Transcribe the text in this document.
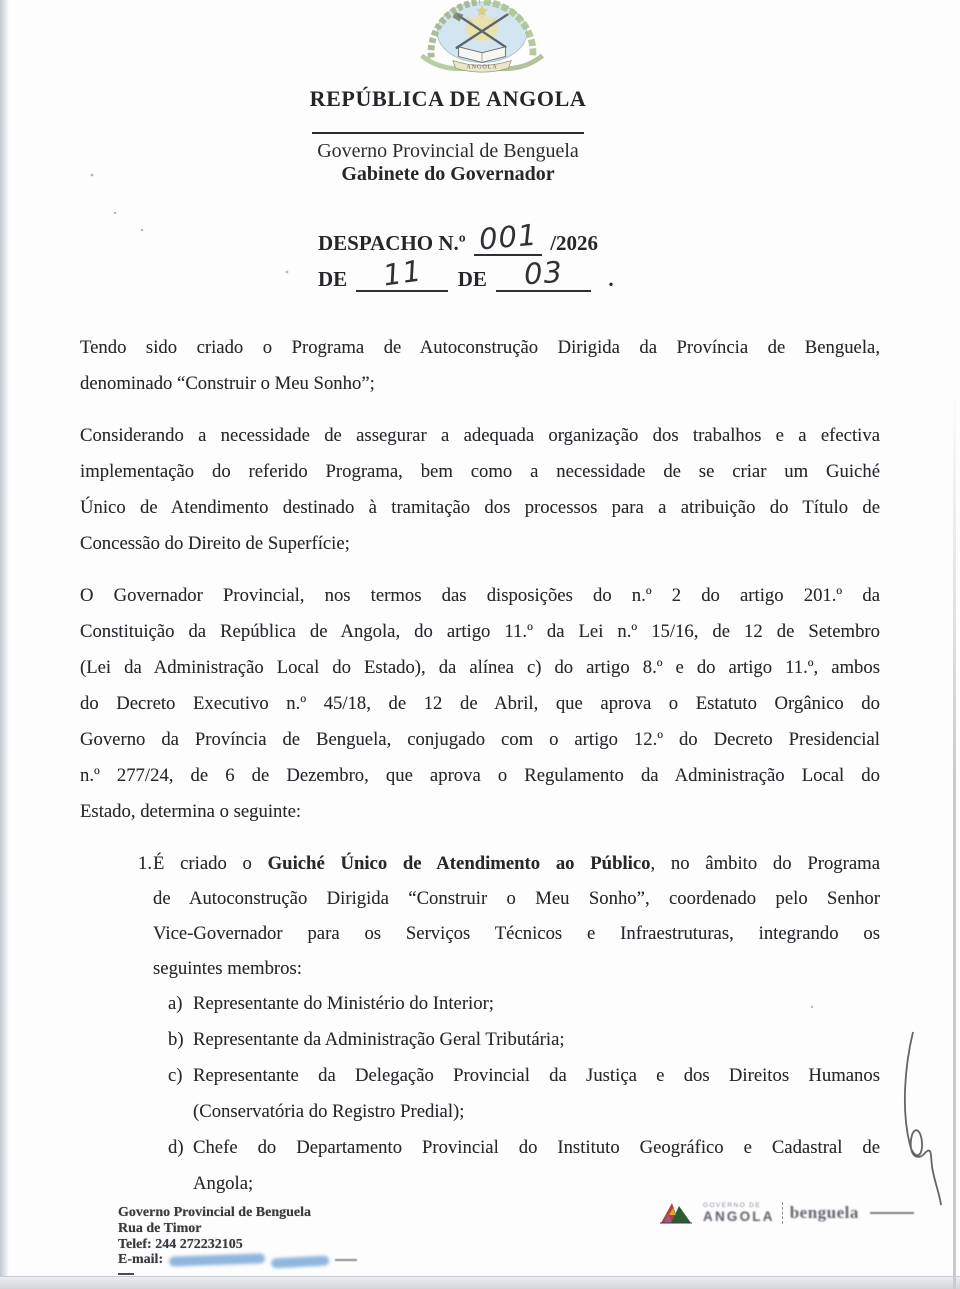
ANGOLA
REPÚBLICA DE ANGOLA
Governo Provincial de Benguela
Gabinete do Governador
DESPACHO N.º 001 /2026
DE 11 DE 03 .
Tendo sido criado o Programa de Autoconstrução Dirigida da Província de Benguela,
denominado “Construir o Meu Sonho”;
Considerando a necessidade de assegurar a adequada organização dos trabalhos e a efectiva
implementação do referido Programa, bem como a necessidade de se criar um Guiché
Único de Atendimento destinado à tramitação dos processos para a atribuição do Título de
Concessão do Direito de Superfície;
O Governador Provincial, nos termos das disposições do n.º 2 do artigo 201.º da
Constituição da República de Angola, do artigo 11.º da Lei n.º 15/16, de 12 de Setembro
(Lei da Administração Local do Estado), da alínea c) do artigo 8.º e do artigo 11.º, ambos
do Decreto Executivo n.º 45/18, de 12 de Abril, que aprova o Estatuto Orgânico do
Governo da Província de Benguela, conjugado com o artigo 12.º do Decreto Presidencial
n.º 277/24, de 6 de Dezembro, que aprova o Regulamento da Administração Local do
Estado, determina o seguinte:
1. É criado o Guiché Único de Atendimento ao Público, no âmbito do Programa
de Autoconstrução Dirigida “Construir o Meu Sonho”, coordenado pelo Senhor
Vice-Governador para os Serviços Técnicos e Infraestruturas, integrando os
seguintes membros:
a) Representante do Ministério do Interior;
b) Representante da Administração Geral Tributária;
c) Representante da Delegação Provincial da Justiça e dos Direitos Humanos
(Conservatória do Registro Predial);
d) Chefe do Departamento Provincial do Instituto Geográfico e Cadastral de
Angola;
Governo Provincial de Benguela
Rua de Timor
Telef: 244 272232105
E-mail:
GOVERNO DE
ANGOLA benguela
